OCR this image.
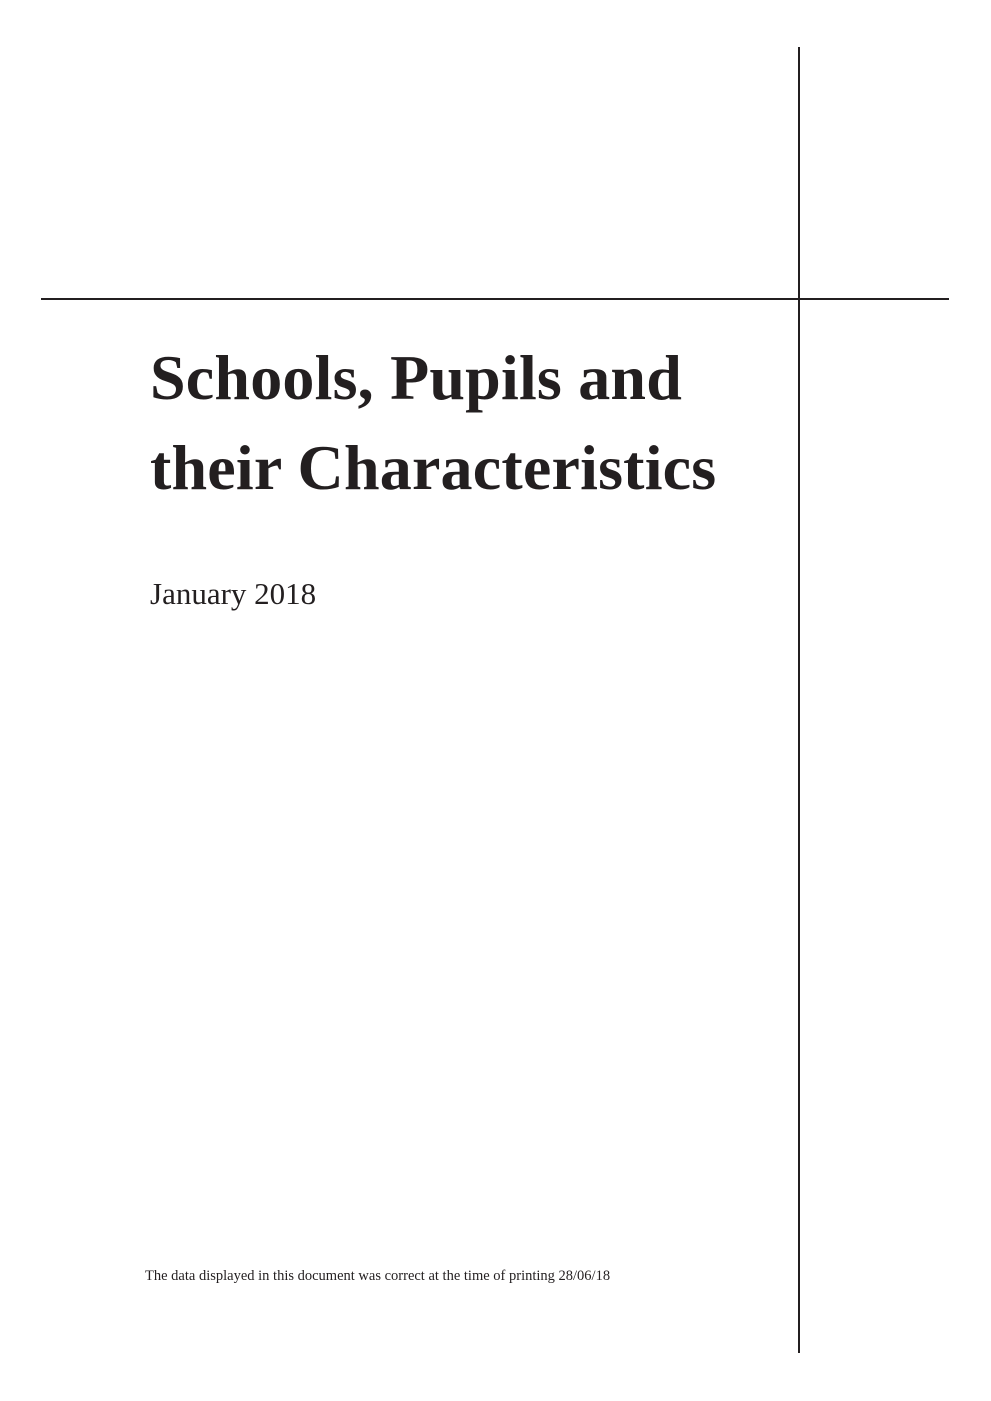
Schools, Pupils and
their Characteristics
January 2018
The data displayed in this document was correct at the time of printing 28/06/18
